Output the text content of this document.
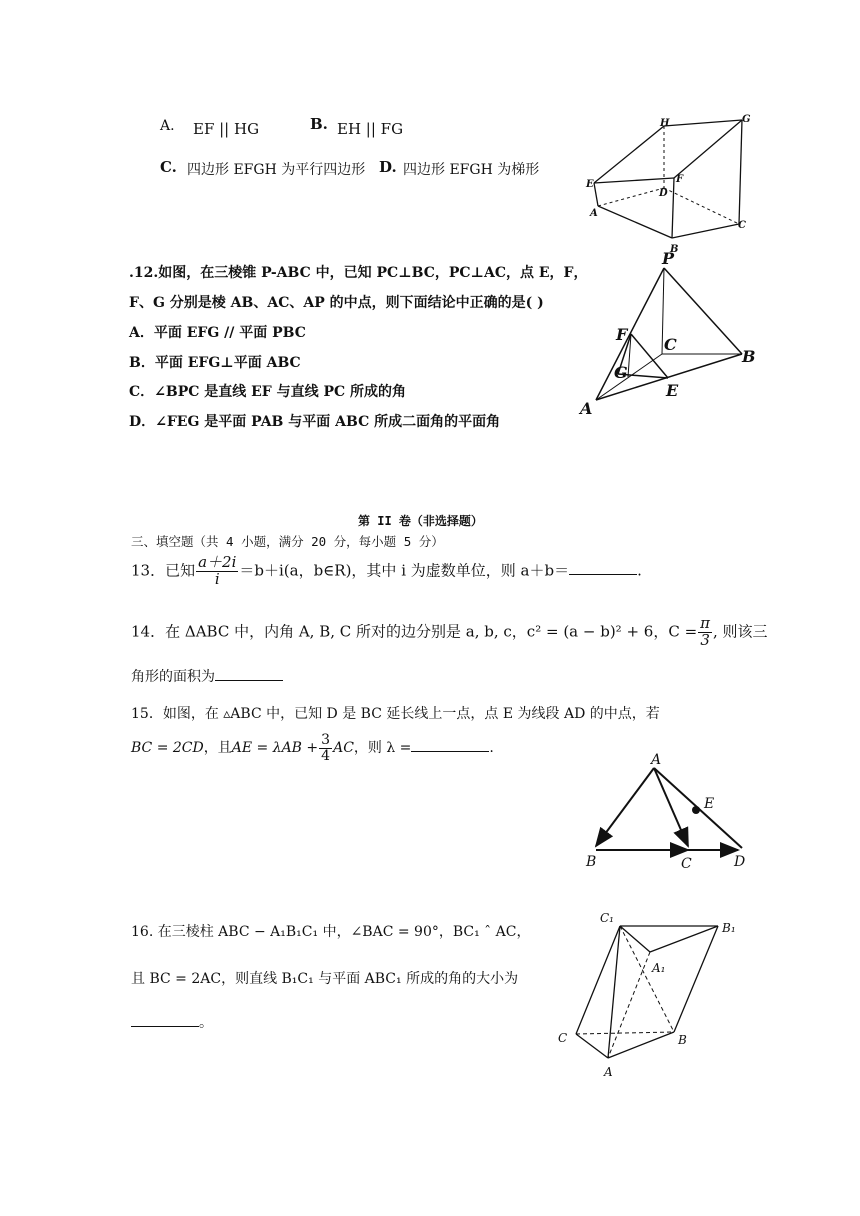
A. EF || HG	B. EH || FG
C. 四边形 EFGH 为平行四边形 D. 四边形 EFGH 为梯形
H	G
E	F
D
A
C
B
.12.如图，在三棱锥 P-ABC 中，已知 PC⊥BC，PC⊥AC，点 E，F，
F、G 分别是棱 AB、AC、AP 的中点，则下面结论中正确的是( )
A．平面 EFG // 平面 PBC
B．平面 EFG⊥平面 ABC
C．∠BPC 是直线 EF 与直线 PC 所成的角
D．∠FEG 是平面 PAB 与平面 ABC 所成二面角的平面角
P
F
C
B
G
E
A
第 II 卷（非选择题）
三、填空题（共 4 小题，满分 20 分，每小题 5 分）
13．已知 $\frac{a+2i}{i} =b+i(a$，b∈R)，其中 i 为虚数单位，则 a＋b＝	.
14．在 ΔABC 中，内角 A, B, C 所对的边分别是 a, b, c，c² = (a − b)² + 6，$C = \frac{\pi}{3}$ , 则该三
角形的面积为
15．如图，在 ▵ABC 中，已知 D 是 BC 延长线上一点，点 E 为线段 AD 的中点，若
BC = 2CD，且AE = $\lambda AB + \frac{3}{4}$ AC，则 λ =	.
A
E
B	C	D
16. 在三棱柱 ABC − A₁B₁C₁ 中，∠BAC = 90°，BC₁ ˆ AC，
且 BC = 2AC，则直线 B₁C₁ 与平面 ABC₁ 所成的角的大小为
。
C₁
B₁
A₁
C	B
A
